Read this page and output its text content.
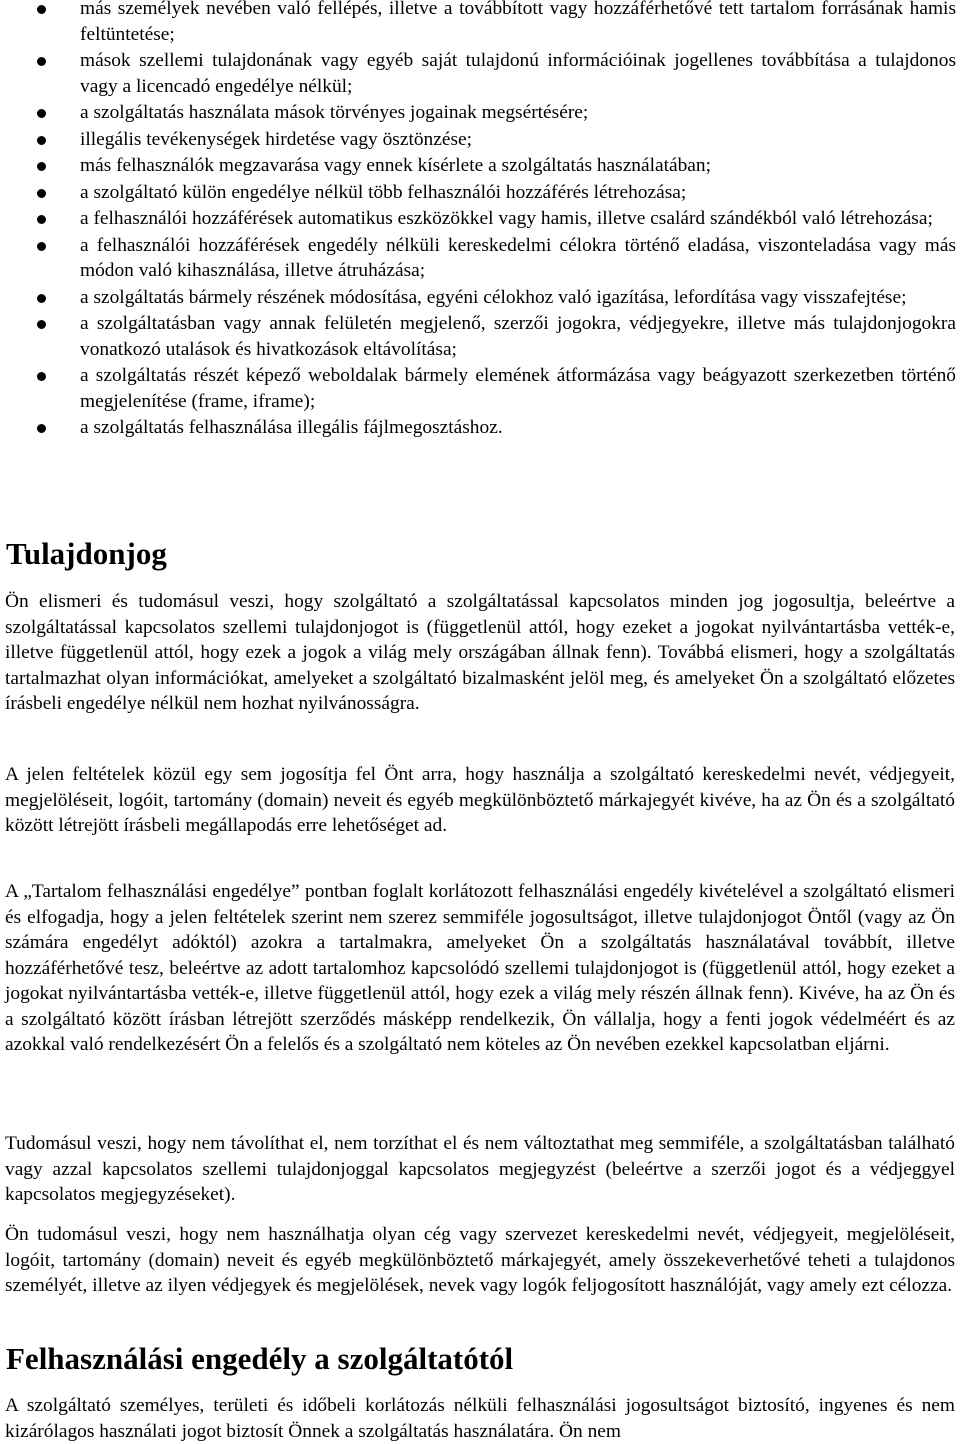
más személyek nevében való fellépés, illetve a továbbított vagy hozzáférhetővé tett tartalom forrásának hamis feltüntetése;
mások szellemi tulajdonának vagy egyéb saját tulajdonú információinak jogellenes továbbítása a tulajdonos vagy a licencadó engedélye nélkül;
a szolgáltatás használata mások törvényes jogainak megsértésére;
illegális tevékenységek hirdetése vagy ösztönzése;
más felhasználók megzavarása vagy ennek kísérlete a szolgáltatás használatában;
a szolgáltató külön engedélye nélkül több felhasználói hozzáférés létrehozása;
a felhasználói hozzáférések automatikus eszközökkel vagy hamis, illetve csalárd szándékból való létrehozása;
a felhasználói hozzáférések engedély nélküli kereskedelmi célokra történő eladása, viszonteladása vagy más módon való kihasználása, illetve átruházása;
a szolgáltatás bármely részének módosítása, egyéni célokhoz való igazítása, lefordítása vagy visszafejtése;
a szolgáltatásban vagy annak felületén megjelenő, szerzői jogokra, védjegyekre, illetve más tulajdonjogokra vonatkozó utalások és hivatkozások eltávolítása;
a szolgáltatás részét képező weboldalak bármely elemének átformázása vagy beágyazott szerkezetben történő megjelenítése (frame, iframe);
a szolgáltatás felhasználása illegális fájlmegosztáshoz.
Tulajdonjog

Ön elismeri és tudomásul veszi, hogy szolgáltató a szolgáltatással kapcsolatos minden jog jogosultja, beleértve a szolgáltatással kapcsolatos szellemi tulajdonjogot is (függetlenül attól, hogy ezeket a jogokat nyilvántartásba vették-e, illetve függetlenül attól, hogy ezek a jogok a világ mely országában állnak fenn). Továbbá elismeri, hogy a szolgáltatás tartalmazhat olyan információkat, amelyeket a szolgáltató bizalmasként jelöl meg, és amelyeket Ön a szolgáltató előzetes írásbeli engedélye nélkül nem hozhat nyilvánosságra.

A jelen feltételek közül egy sem jogosítja fel Önt arra, hogy használja a szolgáltató kereskedelmi nevét, védjegyeit, megjelöléseit, logóit, tartomány (domain) neveit és egyéb megkülönböztető márkajegyét kivéve, ha az Ön és a szolgáltató között létrejött írásbeli megállapodás erre lehetőséget ad.

A „Tartalom felhasználási engedélye” pontban foglalt korlátozott felhasználási engedély kivételével a szolgáltató elismeri és elfogadja, hogy a jelen feltételek szerint nem szerez semmiféle jogosultságot, illetve tulajdonjogot Öntől (vagy az Ön számára engedélyt adóktól) azokra a tartalmakra, amelyeket Ön a szolgáltatás használatával továbbít, illetve hozzáférhetővé tesz, beleértve az adott tartalomhoz kapcsolódó szellemi tulajdonjogot is (függetlenül attól, hogy ezeket a jogokat nyilvántartásba vették-e, illetve függetlenül attól, hogy ezek a világ mely részén állnak fenn). Kivéve, ha az Ön és a szolgáltató között írásban létrejött szerződés másképp rendelkezik, Ön vállalja, hogy a fenti jogok védelméért és az azokkal való rendelkezésért Ön a felelős és a szolgáltató nem köteles az Ön nevében ezekkel kapcsolatban eljárni.

Tudomásul veszi, hogy nem távolíthat el, nem torzíthat el és nem változtathat meg semmiféle, a szolgáltatásban található vagy azzal kapcsolatos szellemi tulajdonjoggal kapcsolatos megjegyzést (beleértve a szerzői jogot és a védjeggyel kapcsolatos megjegyzéseket).

Ön tudomásul veszi, hogy nem használhatja olyan cég vagy szervezet kereskedelmi nevét, védjegyeit, megjelöléseit, logóit, tartomány (domain) neveit és egyéb megkülönböztető márkajegyét, amely összekeverhetővé teheti a tulajdonos személyét, illetve az ilyen védjegyek és megjelölések, nevek vagy logók feljogosított használóját, vagy amely ezt célozza.

Felhasználási engedély a szolgáltatótól

A szolgáltató személyes, területi és időbeli korlátozás nélküli felhasználási jogosultságot biztosító, ingyenes és nem kizárólagos használati jogot biztosít Önnek a szolgáltatás használatára. Ön nem
